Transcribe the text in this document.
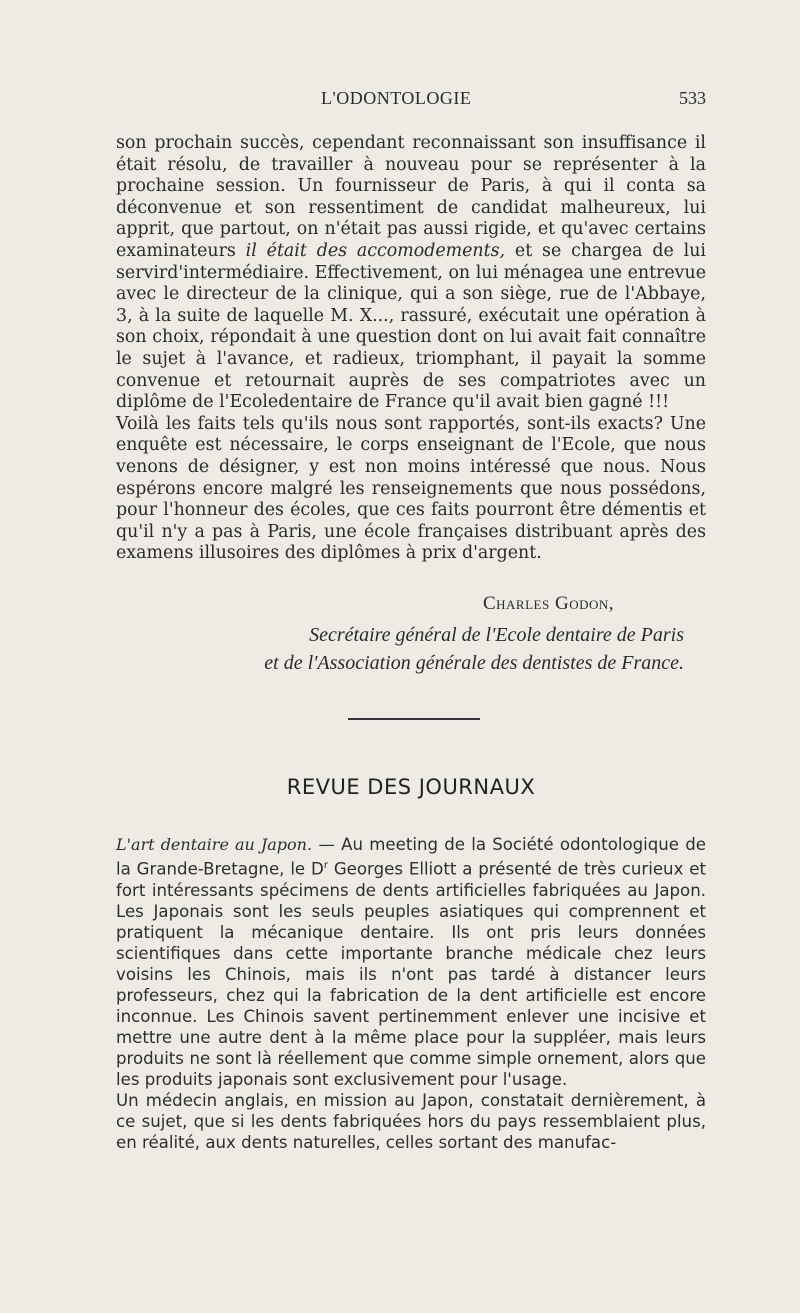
L'ODONTOLOGIE	533

son prochain succès, cependant reconnaissant son insuffisance il était résolu, de travailler à nouveau pour se représenter à la prochaine session. Un fournisseur de Paris, à qui il conta sa déconvenue et son ressentiment de candidat malheureux, lui apprit, que partout, on n'était pas aussi rigide, et qu'avec certains examinateurs il était des accomodements, et se chargea de lui servird'intermédiaire. Effectivement, on lui ménagea une entrevue avec le directeur de la clinique, qui a son siège, rue de l'Abbaye, 3, à la suite de laquelle M. X..., rassuré, exécutait une opération à son choix, répondait à une question dont on lui avait fait connaître le sujet à l'avance, et radieux, triomphant, il payait la somme convenue et retournait auprès de ses compatriotes avec un diplôme de l'Ecoledentaire de France qu'il avait bien gagné !!!

Voilà les faits tels qu'ils nous sont rapportés, sont-ils exacts? Une enquête est nécessaire, le corps enseignant de l'Ecole, que nous venons de désigner, y est non moins intéressé que nous. Nous espérons encore malgré les renseignements que nous possédons, pour l'honneur des écoles, que ces faits pourront être démentis et qu'il n'y a pas à Paris, une école françaises distribuant après des examens illusoires des diplômes à prix d'argent.

Charles Godon,
Secrétaire général de l'Ecole dentaire de Paris
et de l'Association générale des dentistes de France.
REVUE DES JOURNAUX

L'art dentaire au Japon. — Au meeting de la Société odontologique de la Grande-Bretagne, le $D^r$ Georges Elliott a présenté de très curieux et fort intéressants spécimens de dents artificielles fabriquées au Japon. Les Japonais sont les seuls peuples asiatiques qui comprennent et pratiquent la mécanique dentaire. Ils ont pris leurs données scientifiques dans cette importante branche médicale chez leurs voisins les Chinois, mais ils n'ont pas tardé à distancer leurs professeurs, chez qui la fabrication de la dent artificielle est encore inconnue. Les Chinois savent pertinemment enlever une incisive et mettre une autre dent à la même place pour la suppléer, mais leurs produits ne sont là réellement que comme simple ornement, alors que les produits japonais sont exclusivement pour l'usage.

Un médecin anglais, en mission au Japon, constatait dernièrement, à ce sujet, que si les dents fabriquées hors du pays ressemblaient plus, en réalité, aux dents naturelles, celles sortant des manufac-
